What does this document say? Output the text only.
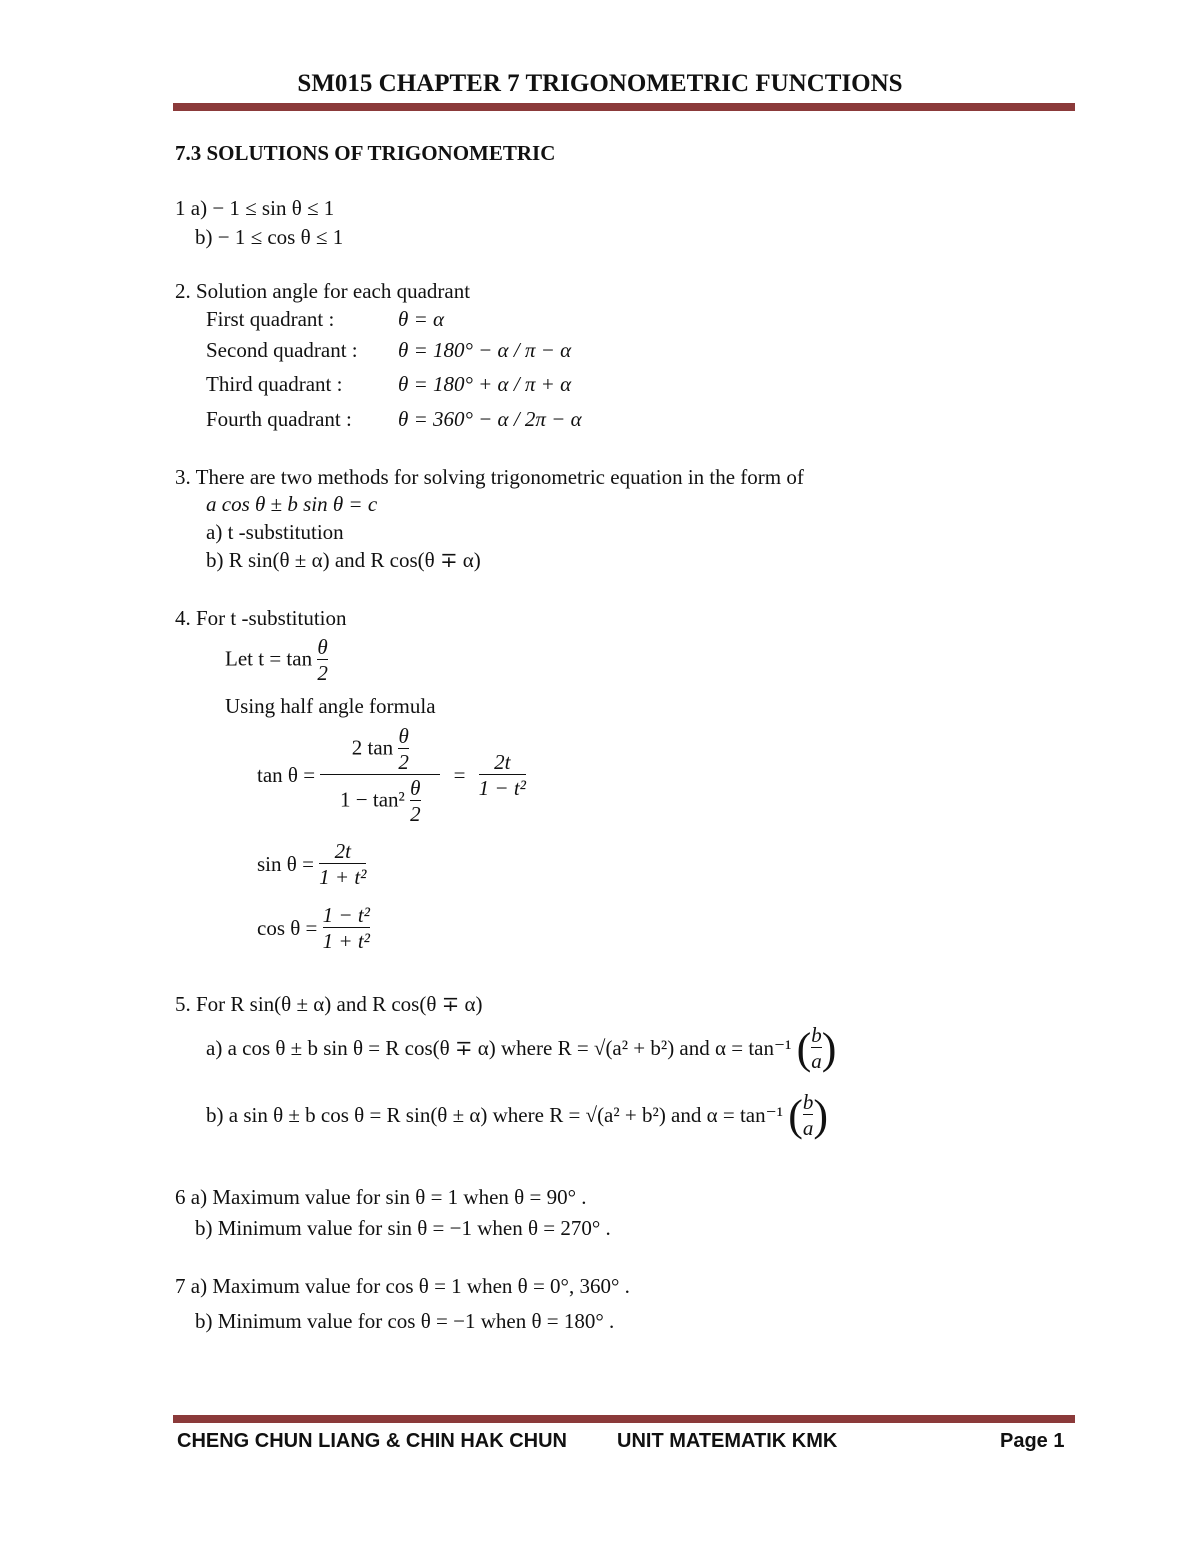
SM015 CHAPTER 7 TRIGONOMETRIC FUNCTIONS
7.3 SOLUTIONS OF TRIGONOMETRIC
1 a) − 1 ≤ sin θ ≤ 1
b) − 1 ≤ cos θ ≤ 1
2. Solution angle for each quadrant
First quadrant :	θ = α
Second quadrant : θ = 180° − α / π − α
Third quadrant :	θ = 180° + α / π + α
Fourth quadrant : θ = 360° − α / 2π − α
3. There are two methods for solving trigonometric equation in the form of
a cos θ ± b sin θ = c
a) t -substitution
b) R sin(θ ± α) and R cos(θ ∓ α)
4. For t -substitution
Let $t = \tan \frac{\theta}{2}$
Using half angle formula
$\tan \theta = \frac{2 \tan \frac{\theta}{2}}{1 - \tan^2 \frac{\theta}{2}} = \frac{2t}{\text{1 − t²}}$
$\sin \theta = \frac{2t}{\text{1 + t²}}$
$\cos \theta = \frac{\text{1 − t²}}{\text{1 + t²}}$
5. For R sin(θ ± α) and R cos(θ ∓ α)
a) a cos θ ± b sin θ = R cos(θ ∓ α) where R = √(a² + b²) and α = tan⁻¹ ( $\frac{b}{a}$ )
b) a sin θ ± b cos θ = R sin(θ ± α) where R = √(a² + b²) and α = tan⁻¹ ( $\frac{b}{a}$ )
6 a) Maximum value for sin θ = 1 when θ = 90° .
b) Minimum value for sin θ = −1 when θ = 270° .
7 a) Maximum value for cos θ = 1 when θ = 0°, 360° .
b) Minimum value for cos θ = −1 when θ = 180° .
CHENG CHUN LIANG & CHIN HAK CHUN	UNIT MATEMATIK KMK	Page 1
